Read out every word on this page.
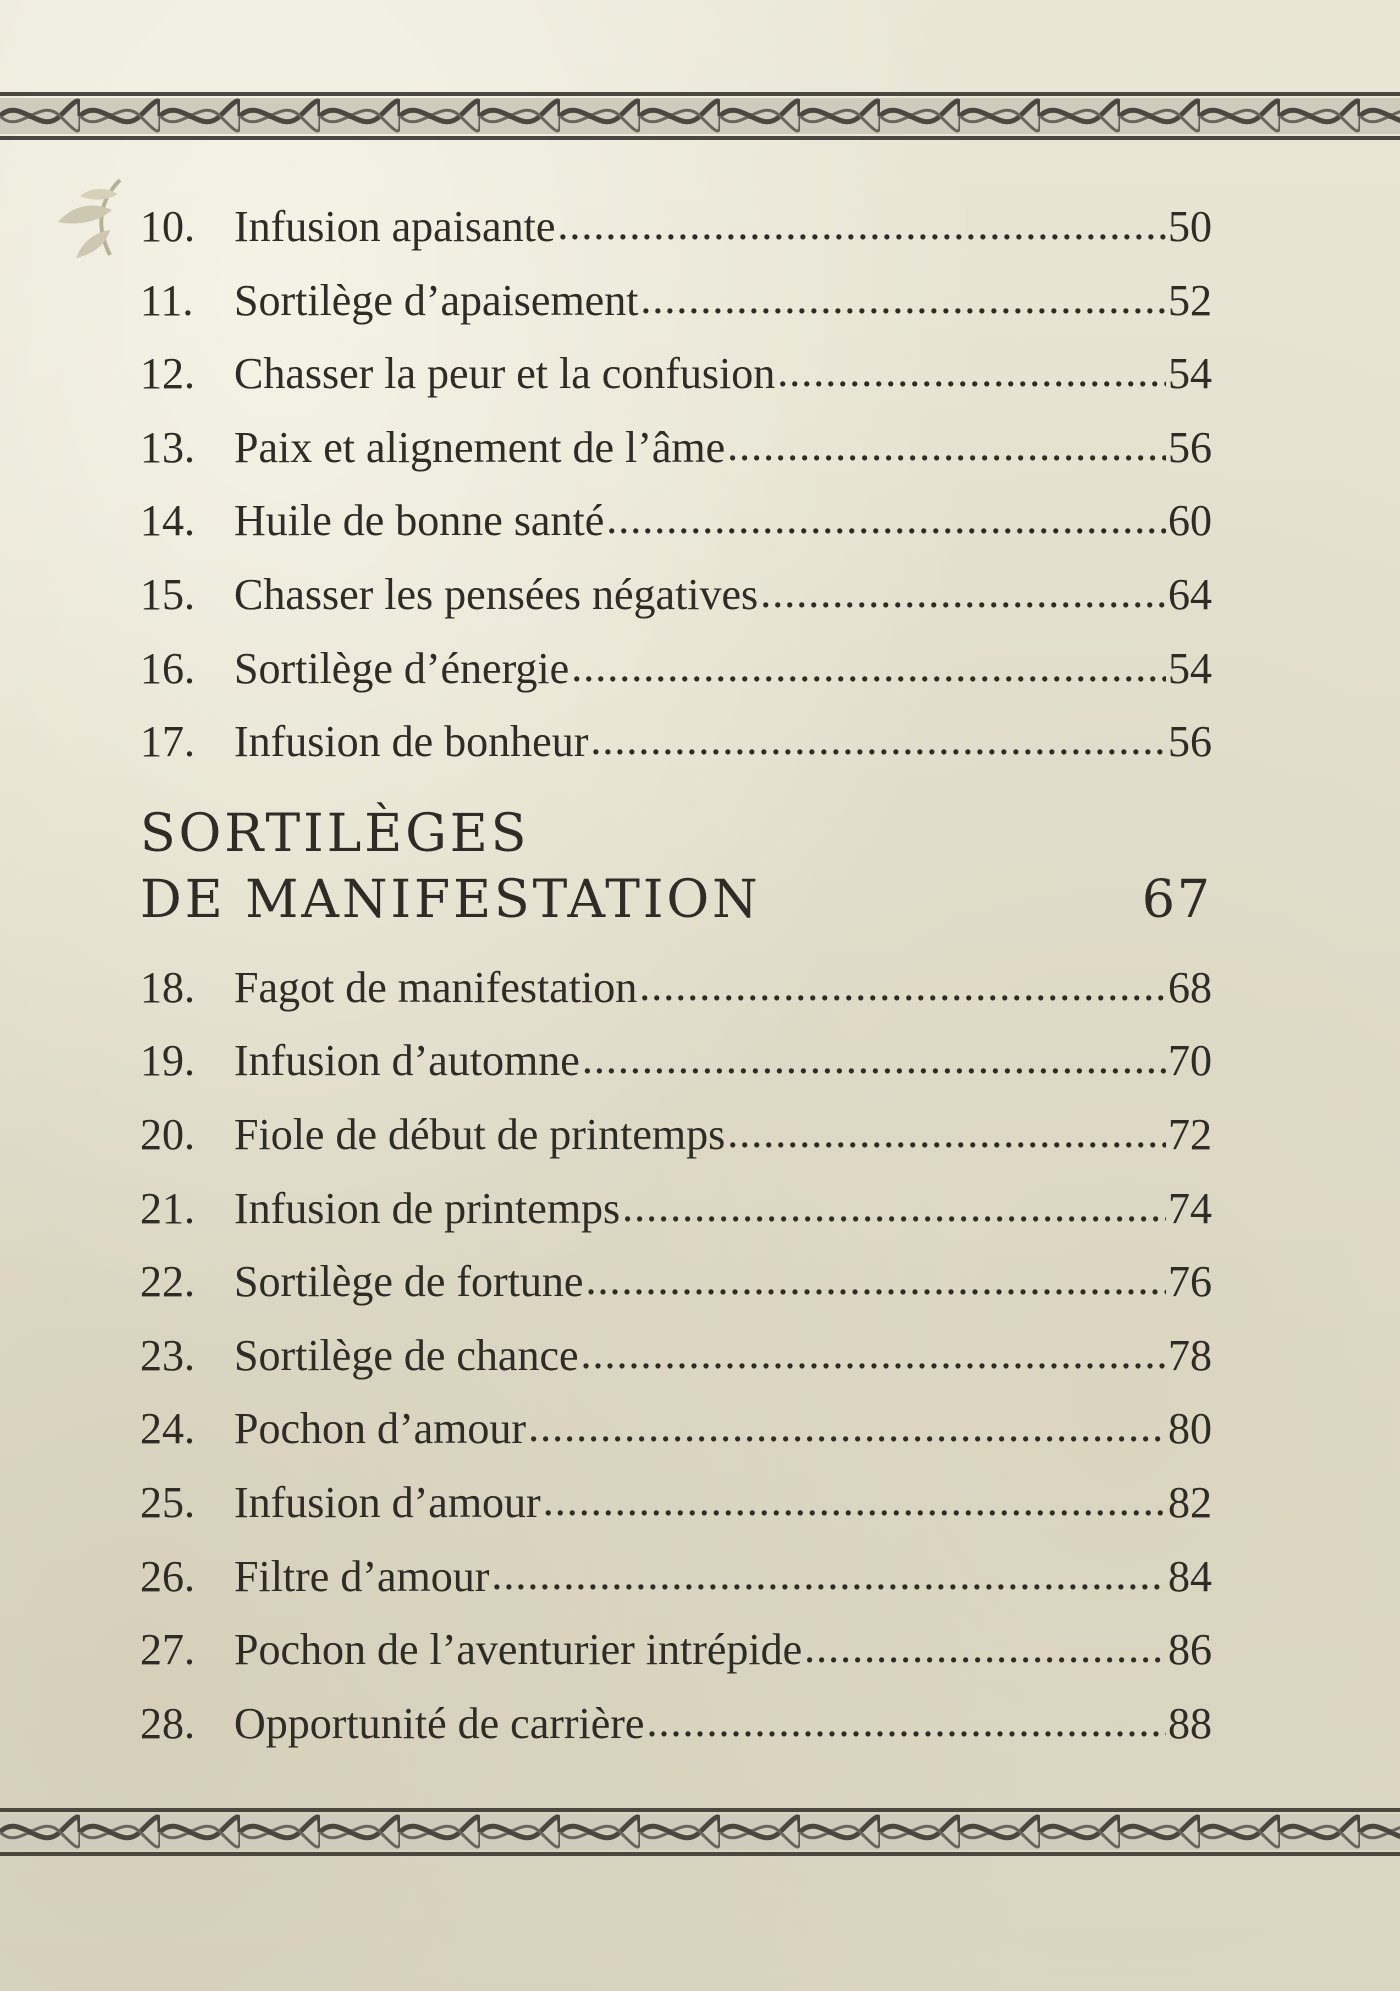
10. Infusion apaisante .....	50
11. Sortilège d’apaisement .....	52
12. Chasser la peur et la confusion .....	54
13. Paix et alignement de l’âme .....	56
14. Huile de bonne santé .....	60
15. Chasser les pensées négatives .....	64
16. Sortilège d’énergie .....	54
17. Infusion de bonheur .....	56
SORTILÈGES
DE MANIFESTATION	67
18. Fagot de manifestation .....	68
19. Infusion d’automne .....	70
20. Fiole de début de printemps .....	72
21. Infusion de printemps .....	74
22. Sortilège de fortune .....	76
23. Sortilège de chance .....	78
24. Pochon d’amour .....	80
25. Infusion d’amour .....	82
26. Filtre d’amour .....	84
27. Pochon de l’aventurier intrépide .....	86
28. Opportunité de carrière .....	88
